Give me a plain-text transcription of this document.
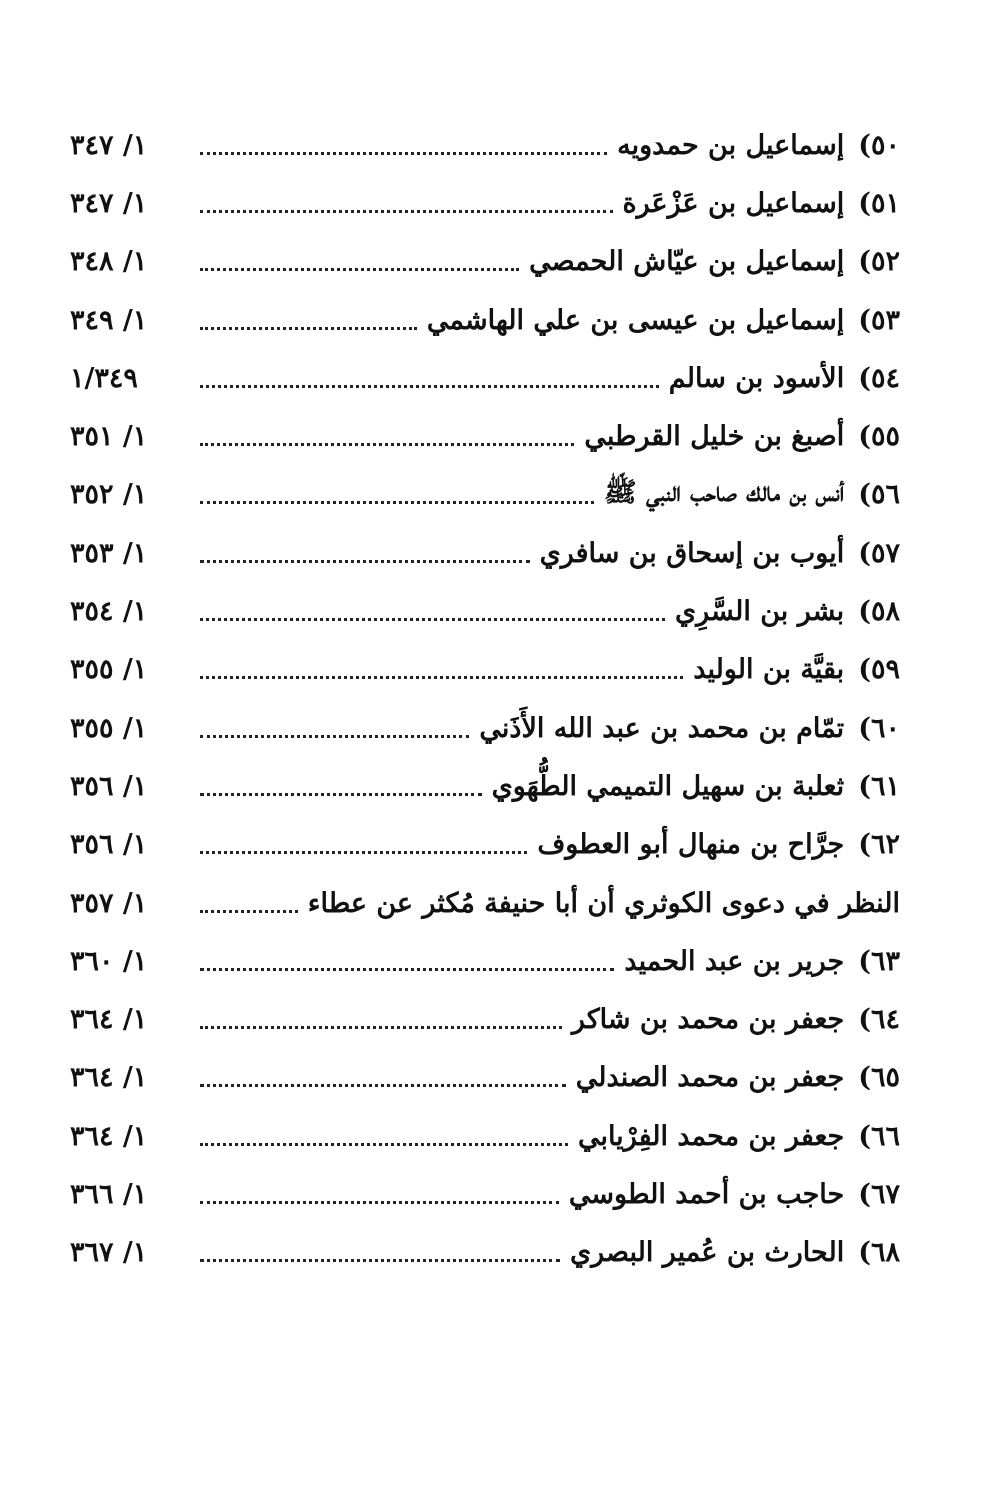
٥٠)
إسماعيل بن حمدويه
١/ ٣٤٧
٥١)
إسماعيل بن عَزْعَرة
١/ ٣٤٧
٥٢)
إسماعيل بن عيّاش الحمصي
١/ ٣٤٨
٥٣)
إسماعيل بن عيسى بن علي الهاشمي
١/ ٣٤٩
٥٤)
الأسود بن سالم
١/٣٤٩
٥٥)
أصبغ بن خليل القرطبي
١/ ٣٥١
٥٦)
أنس بن مالك صاحب النبي ﷺ
١/ ٣٥٢
٥٧)
أيوب بن إسحاق بن سافري
١/ ٣٥٣
٥٨)
بشر بن السَّرِي
١/ ٣٥٤
٥٩)
بقيَّة بن الوليد
١/ ٣٥٥
٦٠)
تمّام بن محمد بن عبد الله الأَذَني
١/ ٣٥٥
٦١)
ثعلبة بن سهيل التميمي الطُّهَوي
١/ ٣٥٦
٦٢)
جرَّاح بن منهال أبو العطوف
١/ ٣٥٦
النظر في دعوى الكوثري أن أبا حنيفة مُكثر عن عطاء
١/ ٣٥٧
٦٣)
جرير بن عبد الحميد
١/ ٣٦٠
٦٤)
جعفر بن محمد بن شاكر
١/ ٣٦٤
٦٥)
جعفر بن محمد الصندلي
١/ ٣٦٤
٦٦)
جعفر بن محمد الفِرْيابي
١/ ٣٦٤
٦٧)
حاجب بن أحمد الطوسي
١/ ٣٦٦
٦٨)
الحارث بن عُمير البصري
١/ ٣٦٧
